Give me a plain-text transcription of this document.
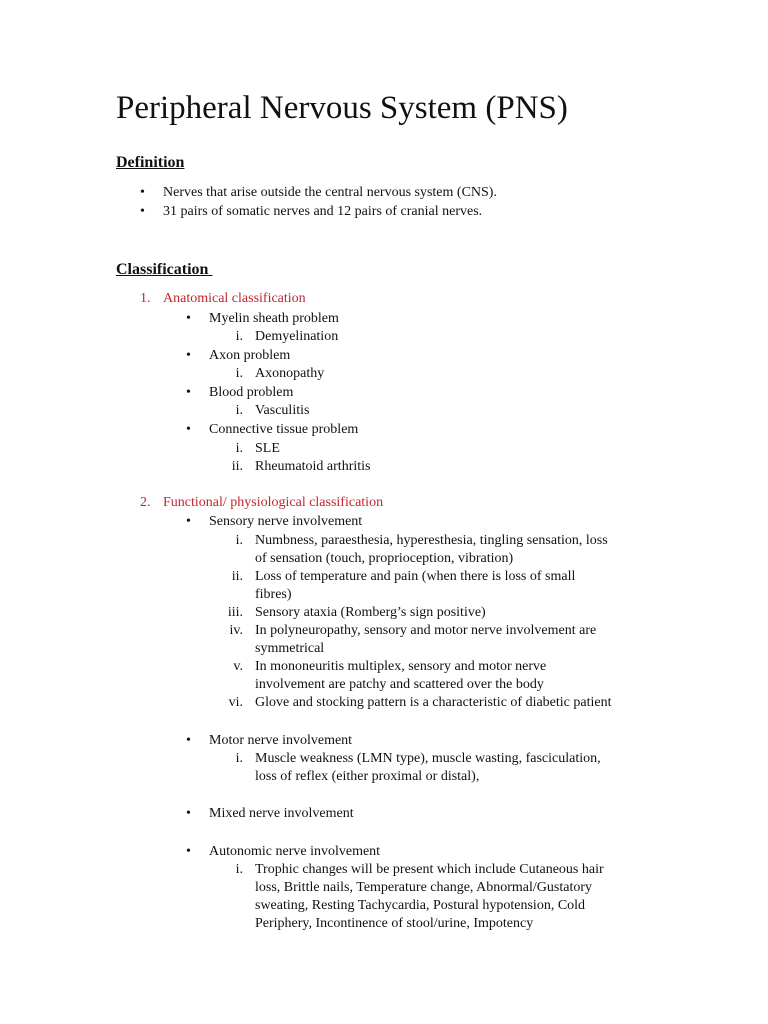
Peripheral Nervous System (PNS)
Definition
• Nerves that arise outside the central nervous system (CNS).
• 31 pairs of somatic nerves and 12 pairs of cranial nerves.
Classification
1. Anatomical classification
• Myelin sheath problem
i. Demyelination
• Axon problem
i. Axonopathy
• Blood problem
i. Vasculitis
• Connective tissue problem
i. SLE
ii. Rheumatoid arthritis
2. Functional/ physiological classification
• Sensory nerve involvement
i. Numbness, paraesthesia, hyperesthesia, tingling sensation, loss
of sensation (touch, proprioception, vibration)
ii. Loss of temperature and pain (when there is loss of small
fibres)
iii. Sensory ataxia (Romberg’s sign positive)
iv. In polyneuropathy, sensory and motor nerve involvement are
symmetrical
v. In mononeuritis multiplex, sensory and motor nerve
involvement are patchy and scattered over the body
vi. Glove and stocking pattern is a characteristic of diabetic patient
• Motor nerve involvement
i. Muscle weakness (LMN type), muscle wasting, fasciculation,
loss of reflex (either proximal or distal),
• Mixed nerve involvement
• Autonomic nerve involvement
i. Trophic changes will be present which include Cutaneous hair
loss, Brittle nails, Temperature change, Abnormal/Gustatory
sweating, Resting Tachycardia, Postural hypotension, Cold
Periphery, Incontinence of stool/urine, Impotency
